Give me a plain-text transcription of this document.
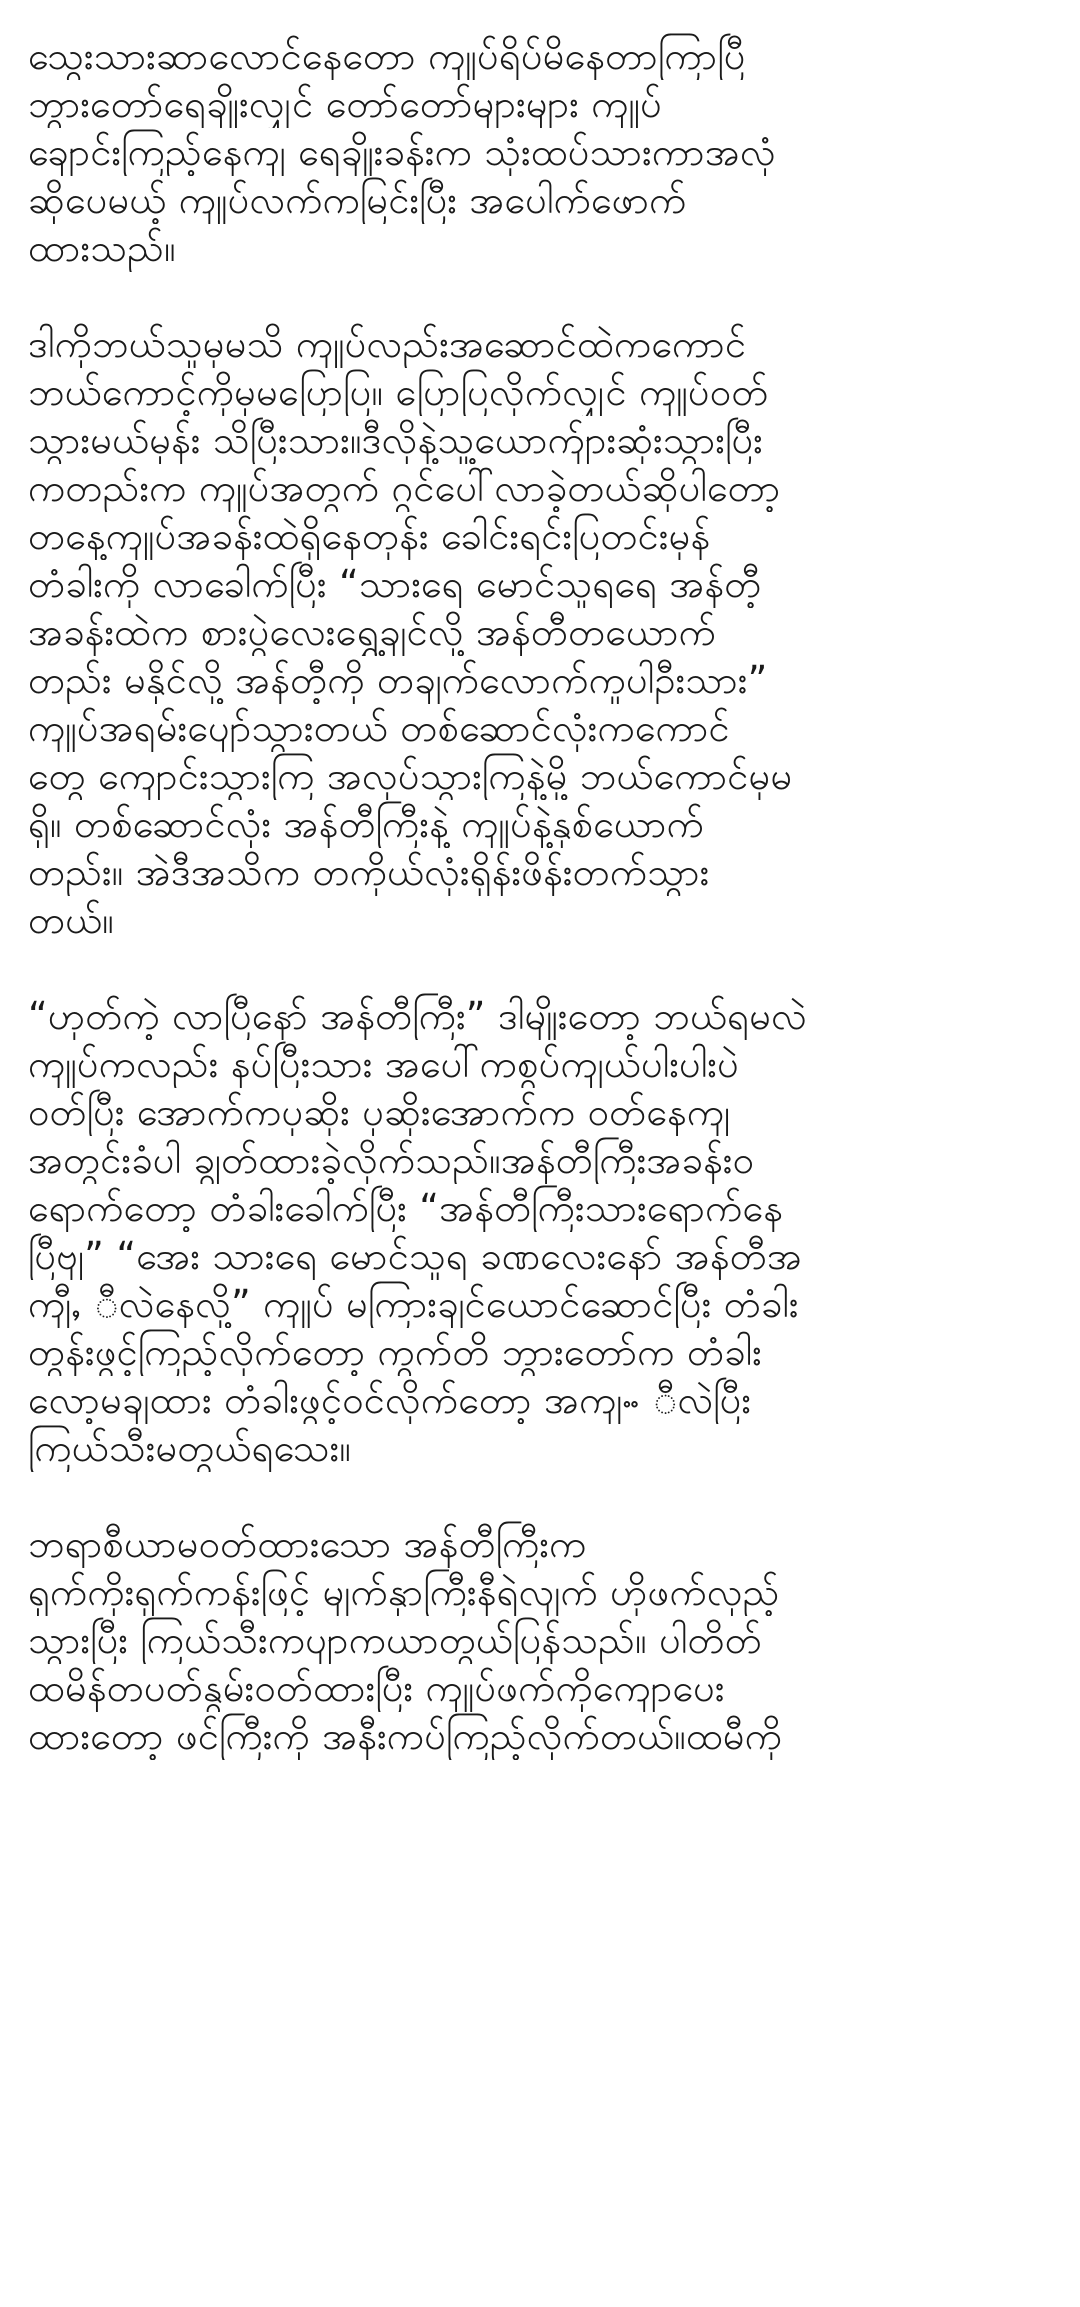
သွေးသားဆာလောင်နေတော ကျုပ်ရိပ်မိနေတာကြာပြီ
ဘွားတော်ရေချိုးလျှင် တော်တော်များများ ကျုပ်
ချောင်းကြည့်နေကျ ရေချိုးခန်းက သုံးထပ်သားကာအလုံ
ဆိုပေမယ့် ကျုပ်လက်ကမြင်းပြီး အပေါက်ဖောက်
ထားသည်။
ဒါကိုဘယ်သူမှမသိ ကျုပ်လည်းအဆောင်ထဲကကောင်
ဘယ်ကောင့်ကိုမှမပြောပြ။ ပြောပြလိုက်လျှင် ကျုပ်ဝတ်
သွားမယ်မှန်း သိပြီးသား။ဒီလိုနဲ့သူ့ယောက်ျားဆုံးသွားပြီး
ကတည်းက ကျုပ်အတွက် ဂွင်ပေါ်လာခဲ့တယ်ဆိုပါတော့
တနေ့ကျုပ်အခန်းထဲရှိနေတုန်း ခေါင်းရင်းပြတင်းမှန်
တံခါးကို လာခေါက်ပြီး “သားရေ မောင်သူရရေ အန်တီ့
အခန်းထဲက စားပွဲလေးရွှေ့ချင်လို့ အန်တီတယောက်
တည်း မနိုင်လို့ အန်တီ့ကို တချက်လောက်ကူပါဦးသား”
ကျုပ်အရမ်းပျော်သွားတယ် တစ်ဆောင်လုံးကကောင်
တွေ ကျောင်းသွားကြ အလုပ်သွားကြနဲ့မို့ ဘယ်ကောင်မှမ
ရှိ။ တစ်ဆောင်လုံး အန်တီကြီးနဲ့ ကျုပ်နဲ့နှစ်ယောက်
တည်း။ အဲဒီအသိက တကိုယ်လုံးရှိန်းဖိန်းတက်သွား
တယ်။
“ဟုတ်ကဲ့ လာပြီနော် အန်တီကြီး” ဒါမျိုးတော့ ဘယ်ရမလဲ
ကျုပ်ကလည်း နပ်ပြီးသား အပေါ်ကစွပ်ကျယ်ပါးပါးပဲ
ဝတ်ပြီး အောက်ကပုဆိုး ပုဆိုးအောက်က ဝတ်နေကျ
အတွင်းခံပါ ချွတ်ထားခဲ့လိုက်သည်။အန်တီကြီးအခန်းဝ
ရောက်တော့ တံခါးခေါက်ပြီး “အန်တီကြီးသားရောက်နေ
ပြီဗျ” “အေး သားရေ မောင်သူရ ခဏလေးနော် အန်တီအ
ကျီႇ ီလဲနေလို့” ကျုပ် မကြားချင်ယောင်ဆောင်ပြီး တံခါး
တွန်းဖွင့်ကြည့်လိုက်တော့ ကွက်တိ ဘွားတော်က တံခါး
လော့မချထား တံခါးဖွင့်ဝင်လိုက်တော့ အကျႌ ီလဲပြီး
ကြယ်သီးမတွယ်ရသေး။
ဘရာစီယာမဝတ်ထားသော အန်တီကြီးက
ရှက်ကိုးရှက်ကန်းဖြင့် မျက်နှာကြီးနီရဲလျက် ဟိုဖက်လှည့်
သွားပြီး ကြယ်သီးကပျာကယာတွယ်ပြန်သည်။ ပါတိတ်
ထမိန်တပတ်နွမ်းဝတ်ထားပြီး ကျုပ်ဖက်ကိုကျောပေး
ထားတော့ ဖင်ကြီးကို အနီးကပ်ကြည့်လိုက်တယ်။ထမီကို
